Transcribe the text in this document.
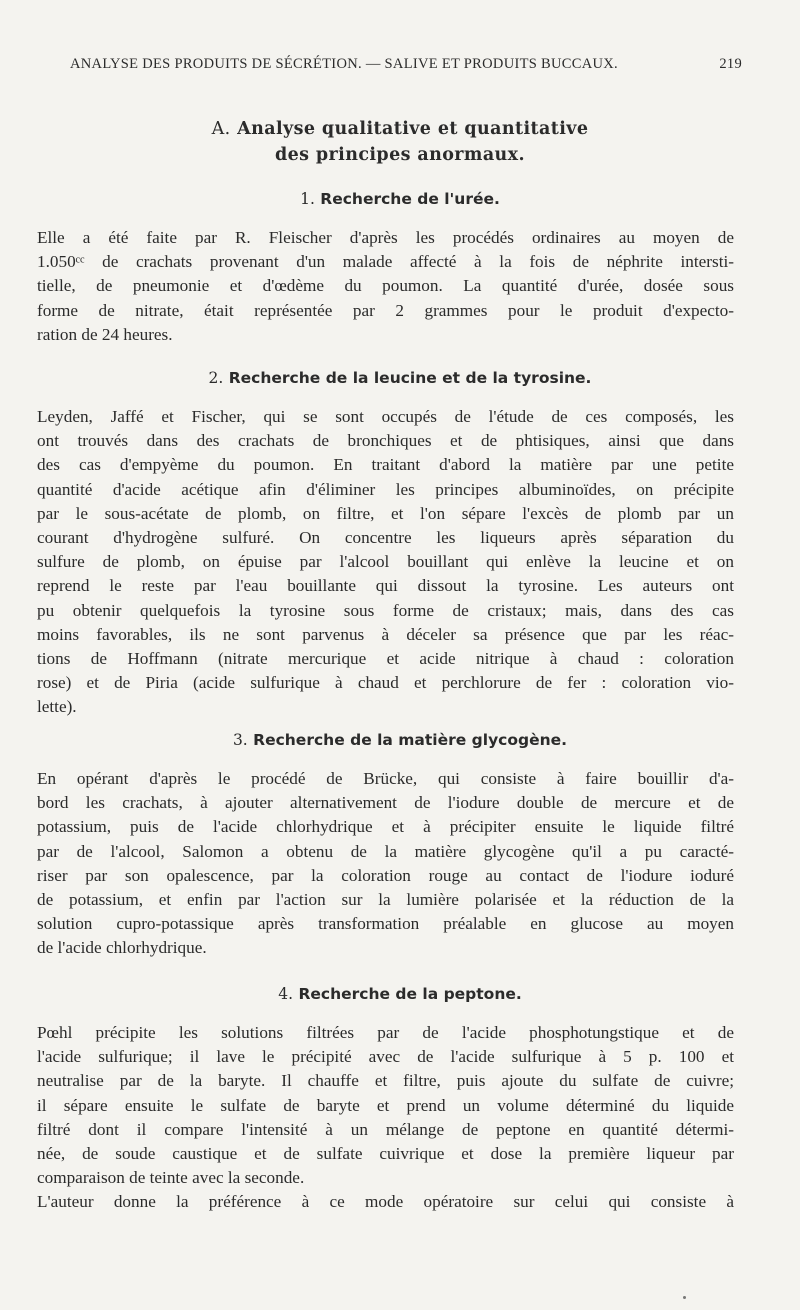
ANALYSE DES PRODUITS DE SÉCRÉTION. — SALIVE ET PRODUITS BUCCAUX.	219
A. Analyse qualitative et quantitative
des principes anormaux.
1. Recherche de l'urée.
Elle a été faite par R. Fleischer d'après les procédés ordinaires au moyen de
1.050ᶜᶜ de crachats provenant d'un malade affecté à la fois de néphrite intersti-
tielle, de pneumonie et d'œdème du poumon. La quantité d'urée, dosée sous
forme de nitrate, était représentée par 2 grammes pour le produit d'expecto-
ration de 24 heures.
2. Recherche de la leucine et de la tyrosine.
Leyden, Jaffé et Fischer, qui se sont occupés de l'étude de ces composés, les
ont trouvés dans des crachats de bronchiques et de phtisiques, ainsi que dans
des cas d'empyème du poumon. En traitant d'abord la matière par une petite
quantité d'acide acétique afin d'éliminer les principes albuminoïdes, on précipite
par le sous-acétate de plomb, on filtre, et l'on sépare l'excès de plomb par un
courant d'hydrogène sulfuré. On concentre les liqueurs après séparation du
sulfure de plomb, on épuise par l'alcool bouillant qui enlève la leucine et on
reprend le reste par l'eau bouillante qui dissout la tyrosine. Les auteurs ont
pu obtenir quelquefois la tyrosine sous forme de cristaux; mais, dans des cas
moins favorables, ils ne sont parvenus à déceler sa présence que par les réac-
tions de Hoffmann (nitrate mercurique et acide nitrique à chaud : coloration
rose) et de Piria (acide sulfurique à chaud et perchlorure de fer : coloration vio-
lette).
3. Recherche de la matière glycogène.
En opérant d'après le procédé de Brücke, qui consiste à faire bouillir d'a-
bord les crachats, à ajouter alternativement de l'iodure double de mercure et de
potassium, puis de l'acide chlorhydrique et à précipiter ensuite le liquide filtré
par de l'alcool, Salomon a obtenu de la matière glycogène qu'il a pu caracté-
riser par son opalescence, par la coloration rouge au contact de l'iodure ioduré
de potassium, et enfin par l'action sur la lumière polarisée et la réduction de la
solution cupro-potassique après transformation préalable en glucose au moyen
de l'acide chlorhydrique.
4. Recherche de la peptone.
Pœhl précipite les solutions filtrées par de l'acide phosphotungstique et de
l'acide sulfurique; il lave le précipité avec de l'acide sulfurique à 5 p. 100 et
neutralise par de la baryte. Il chauffe et filtre, puis ajoute du sulfate de cuivre;
il sépare ensuite le sulfate de baryte et prend un volume déterminé du liquide
filtré dont il compare l'intensité à un mélange de peptone en quantité détermi-
née, de soude caustique et de sulfate cuivrique et dose la première liqueur par
comparaison de teinte avec la seconde.
L'auteur donne la préférence à ce mode opératoire sur celui qui consiste à
